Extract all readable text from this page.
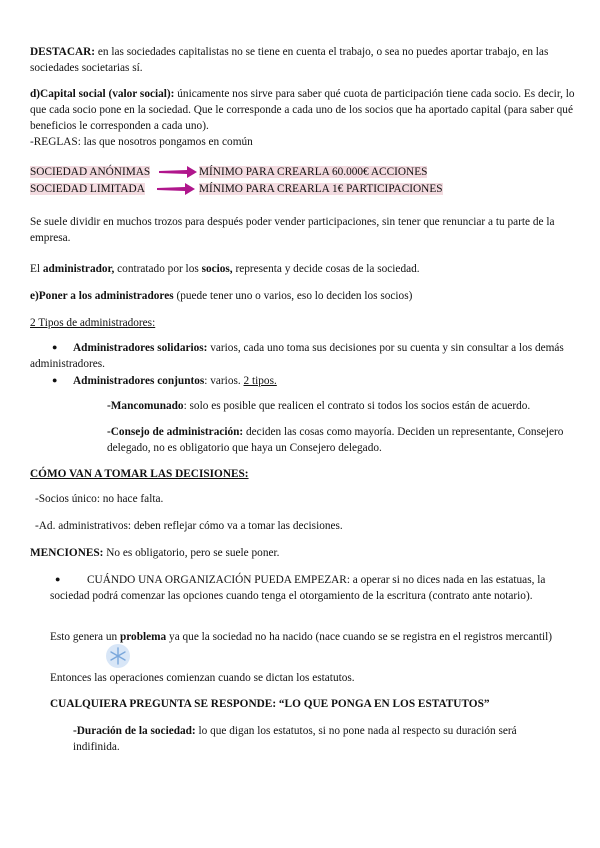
DESTACAR: en las sociedades capitalistas no se tiene en cuenta el trabajo, o sea no puedes aportar trabajo, en las sociedades societarias sí.

d)Capital social (valor social): únicamente nos sirve para saber qué cuota de participación tiene cada socio. Es decir, lo que cada socio pone en la sociedad. Que le corresponde a cada uno de los socios que ha aportado capital (para saber qué beneficios le corresponden a cada uno).

-REGLAS: las que nosotros pongamos en común

SOCIEDAD ANÓNIMAS	MÍNIMO PARA CREARLA 60.000€ ACCIONES

SOCIEDAD LIMITADA	MÍNIMO PARA CREARLA 1€ PARTICIPACIONES

Se suele dividir en muchos trozos para después poder vender participaciones, sin tener que renunciar a tu parte de la empresa.

El administrador, contratado por los socios, representa y decide cosas de la sociedad.

e)Poner a los administradores (puede tener uno o varios, eso lo deciden los socios)

2 Tipos de administradores:

●	Administradores solidarios: varios, cada uno toma sus decisiones por su cuenta y sin consultar a los demás administradores.

● Administradores conjuntos: varios. 2 tipos.

-Mancomunado: solo es posible que realicen el contrato si todos los socios están de acuerdo.

-Consejo de administración: deciden las cosas como mayoría. Deciden un representante, Consejero delegado, no es obligatorio que haya un Consejero delegado.

CÓMO VAN A TOMAR LAS DECISIONES:

-Socios único: no hace falta.

-Ad. administrativos: deben reflejar cómo va a tomar las decisiones.

MENCIONES: No es obligatorio, pero se suele poner.

●	CUÁNDO UNA ORGANIZACIÓN PUEDA EMPEZAR: a operar si no dices nada en las estatuas, la sociedad podrá comenzar las opciones cuando tenga el otorgamiento de la escritura (contrato ante notario).

Esto genera un problema ya que la sociedad no ha nacido (nace cuando se se registra en el registros mercantil)

Entonces las operaciones comienzan cuando se dictan los estatutos.

CUALQUIERA PREGUNTA SE RESPONDE: “LO QUE PONGA EN LOS ESTATUTOS”

-Duración de la sociedad: lo que digan los estatutos, si no pone nada al respecto su duración será indifinida.
